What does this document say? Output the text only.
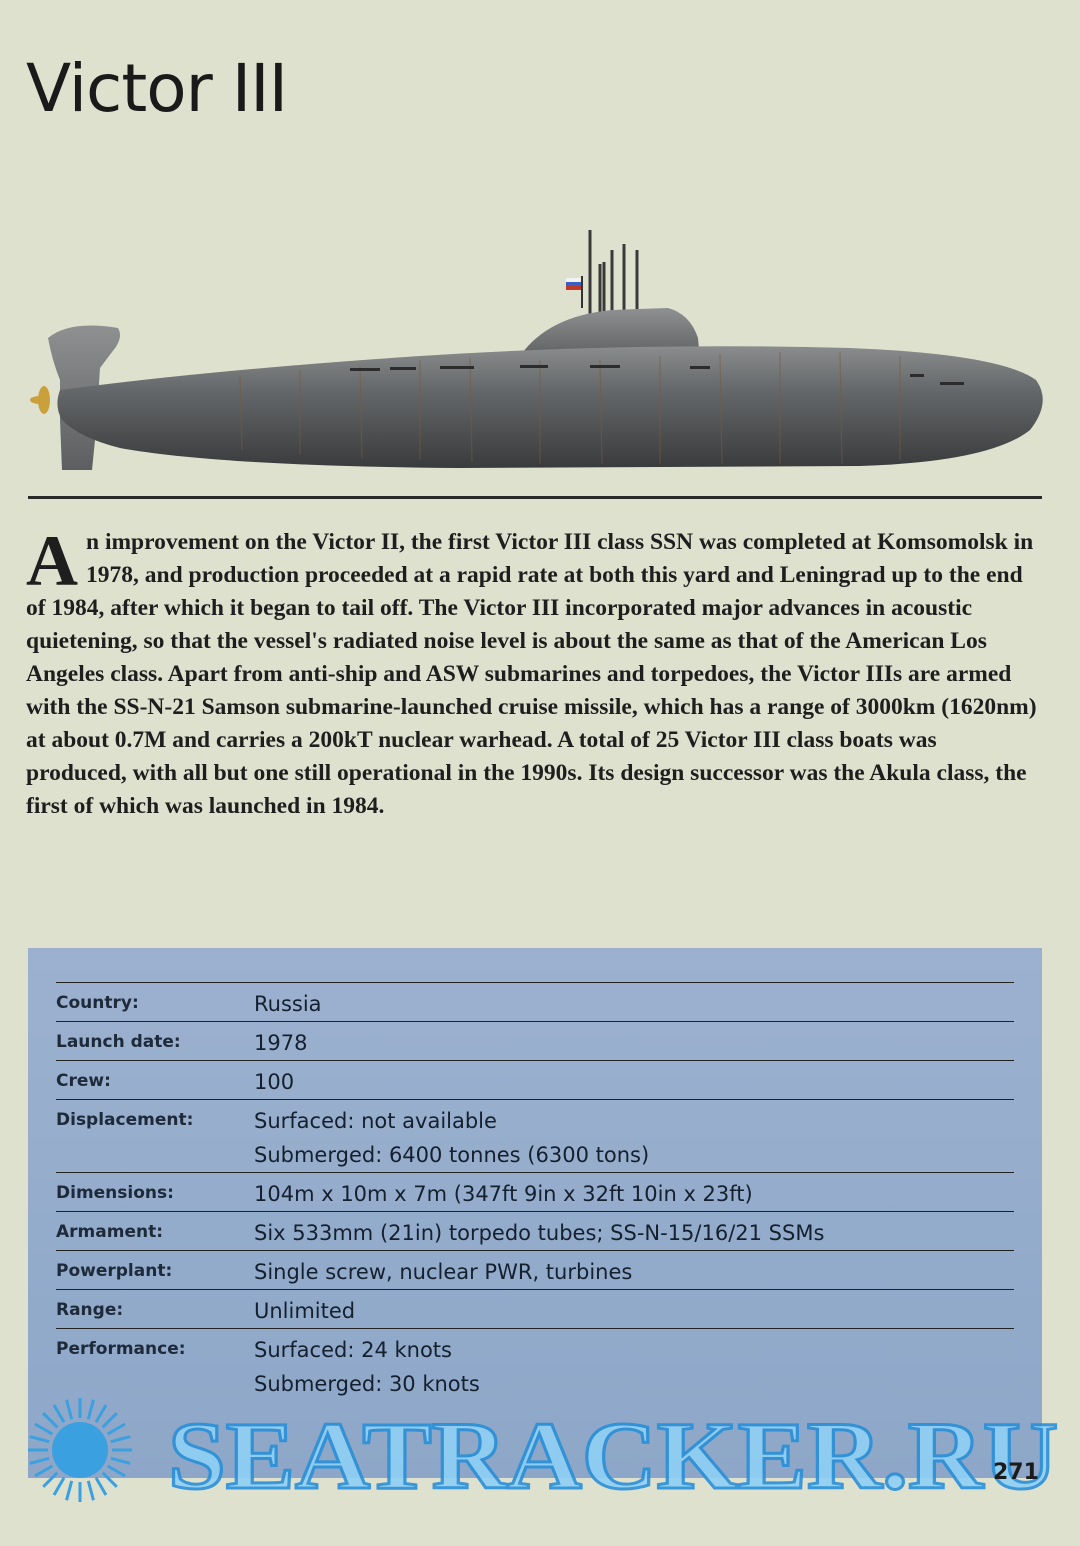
Victor III
A n improvement on the Victor II, the first Victor III class SSN was completed at Komsomolsk in 1978, and production proceeded at a rapid rate at both this yard and Leningrad up to the end of 1984, after which it began to tail off. The Victor III incorporated major advances in acoustic quietening, so that the vessel's radiated noise level is about the same as that of the American Los Angeles class. Apart from anti-ship and ASW submarines and torpedoes, the Victor IIIs are armed with the SS-N-21 Samson submarine-launched cruise missile, which has a range of 3000km (1620nm) at about 0.7M and carries a 200kT nuclear warhead. A total of 25 Victor III class boats was produced, with all but one still operational in the 1990s. Its design successor was the Akula class, the first of which was launched in 1984.
Country:	Russia
Launch date:	1978
Crew:	100
Displacement:	Surfaced: not available
Submerged: 6400 tonnes (6300 tons)
Dimensions:	104m x 10m x 7m (347ft 9in x 32ft 10in x 23ft)
Armament:	Six 533mm (21in) torpedo tubes; SS-N-15/16/21 SSMs
Powerplant:	Single screw, nuclear PWR, turbines
Range:	Unlimited
Performance:	Surfaced: 24 knots
Submerged: 30 knots
SEATRACKER.RU
271
